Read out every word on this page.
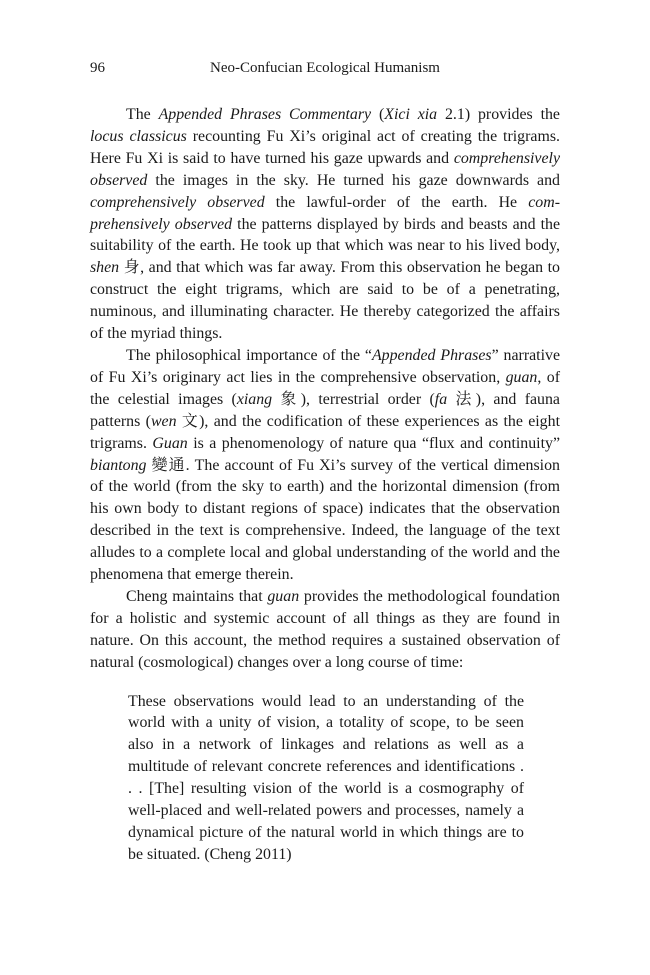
96	Neo-Confucian Ecological Humanism

The Appended Phrases Commentary (Xici xia 2.1) provides the locus classicus recounting Fu Xi’s original act of creating the trigrams. Here Fu Xi is said to have turned his gaze upwards and comprehensively observed the images in the sky. He turned his gaze downwards and comprehensively observed the lawful-order of the earth. He comprehensively observed the patterns displayed by birds and beasts and the suitability of the earth. He took up that which was near to his lived body, shen 身, and that which was far away. From this observation he began to construct the eight trigrams, which are said to be of a penetrating, numinous, and illuminating character. He thereby categorized the affairs of the myriad things.

The philosophical importance of the “Appended Phrases” narrative of Fu Xi’s originary act lies in the comprehensive observation, guan, of the celestial images (xiang 象), terrestrial order (fa 法), and fauna patterns (wen 文), and the codification of these experiences as the eight trigrams. Guan is a phenomenology of nature qua “flux and continuity” biantong 變通. The account of Fu Xi’s survey of the vertical dimension of the world (from the sky to earth) and the horizontal dimension (from his own body to distant regions of space) indicates that the observation described in the text is comprehensive. Indeed, the language of the text alludes to a complete local and global understanding of the world and the phenomena that emerge therein.

Cheng maintains that guan provides the methodological foundation for a holistic and systemic account of all things as they are found in nature. On this account, the method requires a sustained observation of natural (cosmological) changes over a long course of time:

These observations would lead to an understanding of the world with a unity of vision, a totality of scope, to be seen also in a network of linkages and relations as well as a multitude of relevant concrete references and identifications . . . [The] resulting vision of the world is a cosmography of well-placed and well-related powers and processes, namely a dynamical picture of the natural world in which things are to be situated. (Cheng 2011)
